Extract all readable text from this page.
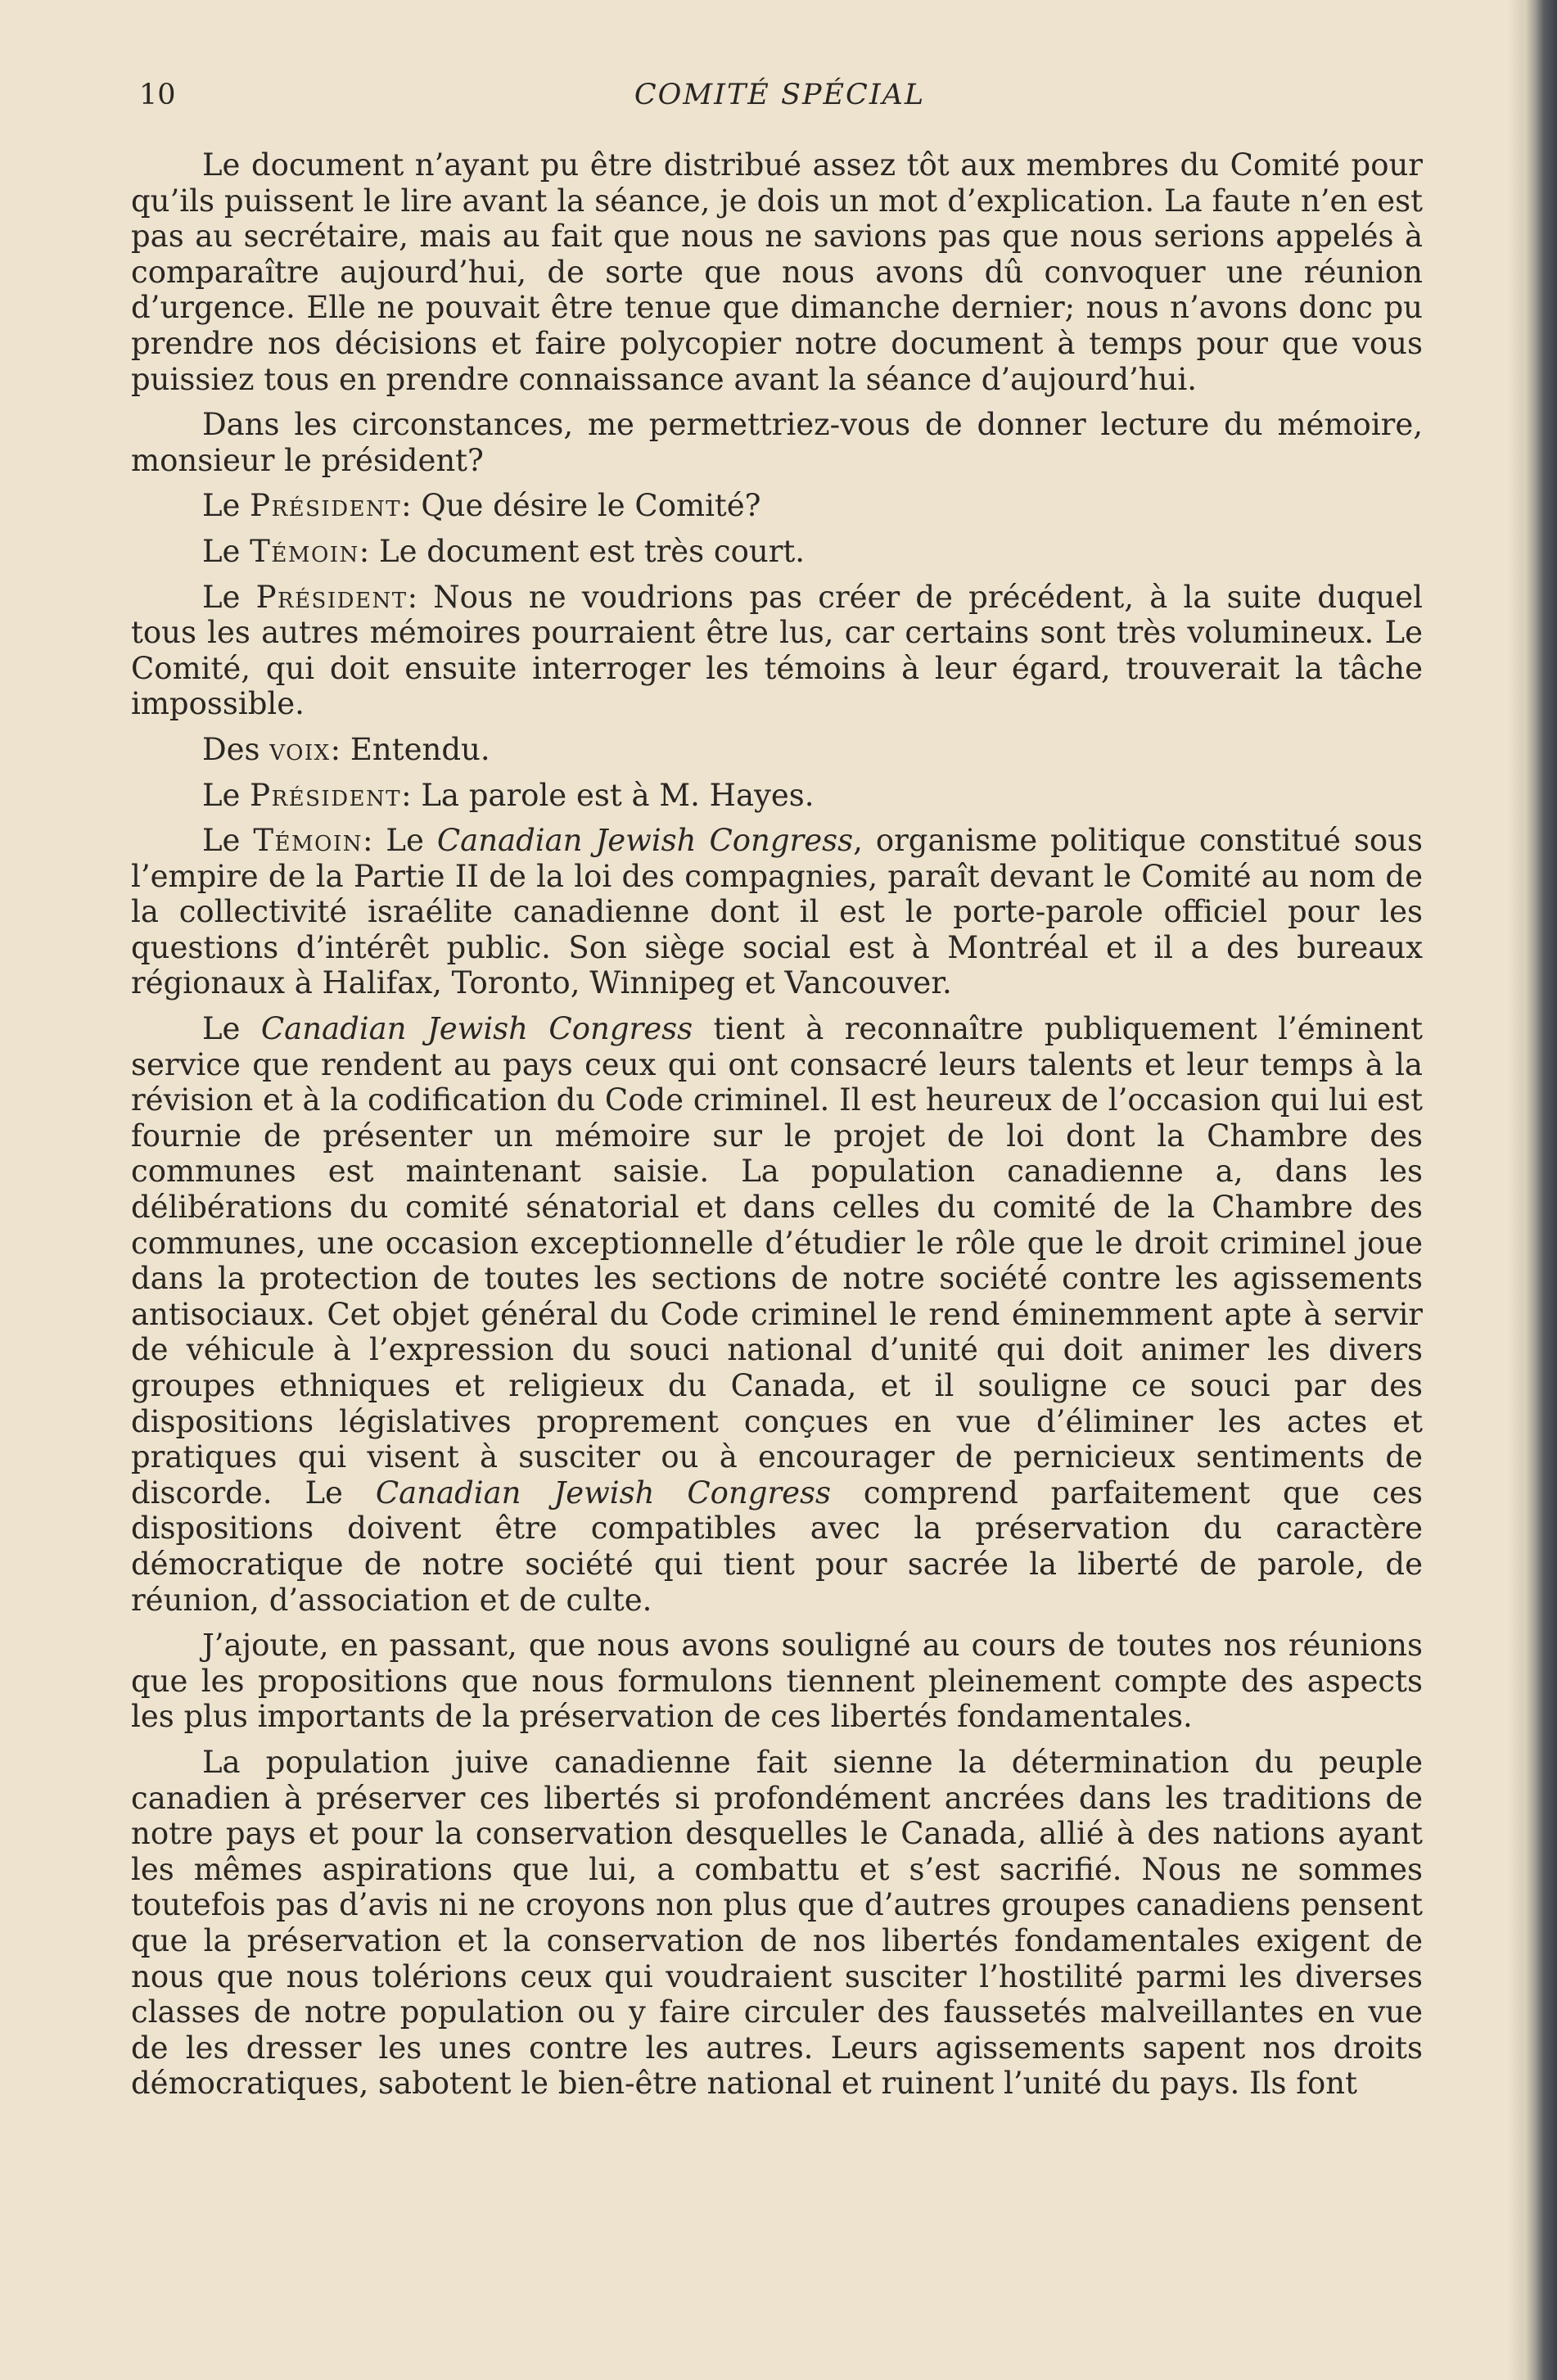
10	COMITÉ SPÉCIAL

Le document n’ayant pu être distribué assez tôt aux membres du Comité pour qu’ils puissent le lire avant la séance, je dois un mot d’explication. La faute n’en est pas au secrétaire, mais au fait que nous ne savions pas que nous serions appelés à comparaître aujourd’hui, de sorte que nous avons dû convoquer une réunion d’urgence. Elle ne pouvait être tenue que dimanche dernier; nous n’avons donc pu prendre nos décisions et faire polycopier notre document à temps pour que vous puissiez tous en prendre connaissance avant la séance d’aujourd’hui.

Dans les circonstances, me permettriez-vous de donner lecture du mémoire, monsieur le président?

Le Président: Que désire le Comité?

Le Témoin: Le document est très court.

Le Président: Nous ne voudrions pas créer de précédent, à la suite duquel tous les autres mémoires pourraient être lus, car certains sont très volumineux. Le Comité, qui doit ensuite interroger les témoins à leur égard, trouverait la tâche impossible.

Des voix: Entendu.

Le Président: La parole est à M. Hayes.

Le Témoin: Le Canadian Jewish Congress, organisme politique constitué sous l’empire de la Partie II de la loi des compagnies, paraît devant le Comité au nom de la collectivité israélite canadienne dont il est le porte-parole officiel pour les questions d’intérêt public. Son siège social est à Montréal et il a des bureaux régionaux à Halifax, Toronto, Winnipeg et Vancouver.

Le Canadian Jewish Congress tient à reconnaître publiquement l’éminent service que rendent au pays ceux qui ont consacré leurs talents et leur temps à la révision et à la codification du Code criminel. Il est heureux de l’occasion qui lui est fournie de présenter un mémoire sur le projet de loi dont la Chambre des communes est maintenant saisie. La population canadienne a, dans les délibérations du comité sénatorial et dans celles du comité de la Chambre des communes, une occasion exceptionnelle d’étudier le rôle que le droit criminel joue dans la protection de toutes les sections de notre société contre les agissements antisociaux. Cet objet général du Code criminel le rend éminemment apte à servir de véhicule à l’expression du souci national d’unité qui doit animer les divers groupes ethniques et religieux du Canada, et il souligne ce souci par des dispositions législatives proprement conçues en vue d’éliminer les actes et pratiques qui visent à susciter ou à encourager de pernicieux sentiments de discorde. Le Canadian Jewish Congress comprend parfaitement que ces dispositions doivent être compatibles avec la préservation du caractère démocratique de notre société qui tient pour sacrée la liberté de parole, de réunion, d’association et de culte.

J’ajoute, en passant, que nous avons souligné au cours de toutes nos réunions que les propositions que nous formulons tiennent pleinement compte des aspects les plus importants de la préservation de ces libertés fondamentales.

La population juive canadienne fait sienne la détermination du peuple canadien à préserver ces libertés si profondément ancrées dans les traditions de notre pays et pour la conservation desquelles le Canada, allié à des nations ayant les mêmes aspirations que lui, a combattu et s’est sacrifié. Nous ne sommes toutefois pas d’avis ni ne croyons non plus que d’autres groupes canadiens pensent que la préservation et la conservation de nos libertés fondamentales exigent de nous que nous tolérions ceux qui voudraient susciter l’hostilité parmi les diverses classes de notre population ou y faire circuler des faussetés malveillantes en vue de les dresser les unes contre les autres. Leurs agissements sapent nos droits démocratiques, sabotent le bien-être national et ruinent l’unité du pays. Ils font
